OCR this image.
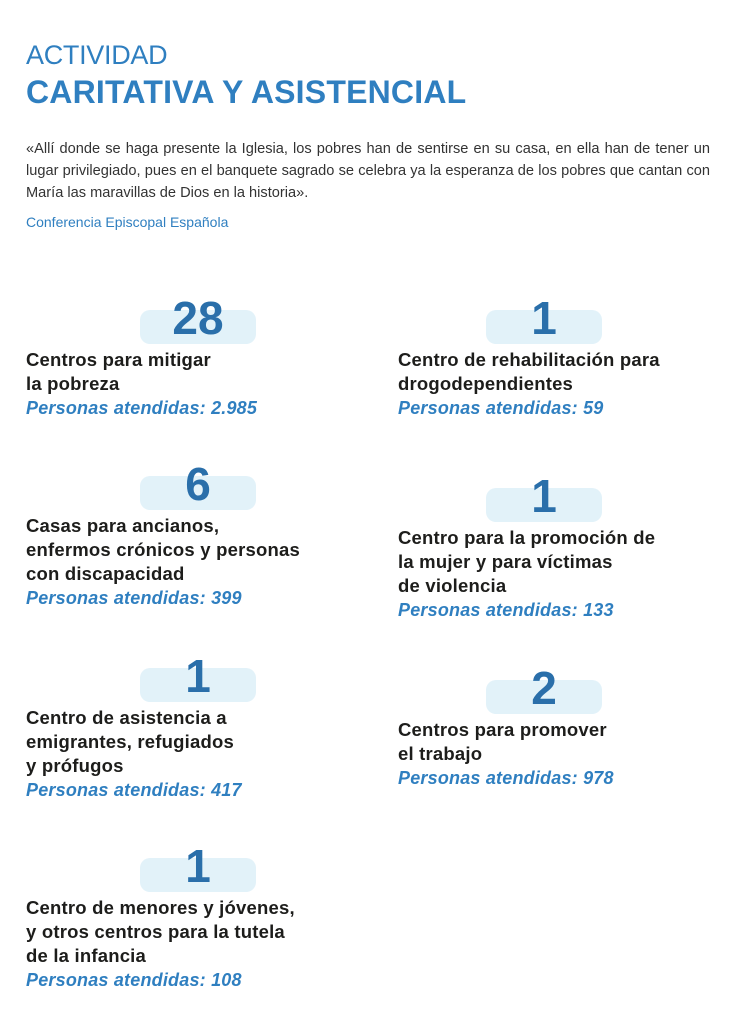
ACTIVIDAD
CARITATIVA Y ASISTENCIAL
«Allí donde se haga presente la Iglesia, los pobres han de sentirse en su casa, en ella han de tener un lugar privilegiado, pues en el banquete sagrado se celebra ya la esperanza de los pobres que cantan con María las maravillas de Dios en la historia».
Conferencia Episcopal Española
28
Centros para mitigar
la pobreza
Personas atendidas: 2.985
1
Centro de rehabilitación para
drogodependientes
Personas atendidas: 59
6
Casas para ancianos,
enfermos crónicos y personas
con discapacidad
Personas atendidas: 399
1
Centro para la promoción de
la mujer y para víctimas
de violencia
Personas atendidas: 133
1
Centro de asistencia a
emigrantes, refugiados
y prófugos
Personas atendidas: 417
2
Centros para promover
el trabajo
Personas atendidas: 978
1
Centro de menores y jóvenes,
y otros centros para la tutela
de la infancia
Personas atendidas: 108
